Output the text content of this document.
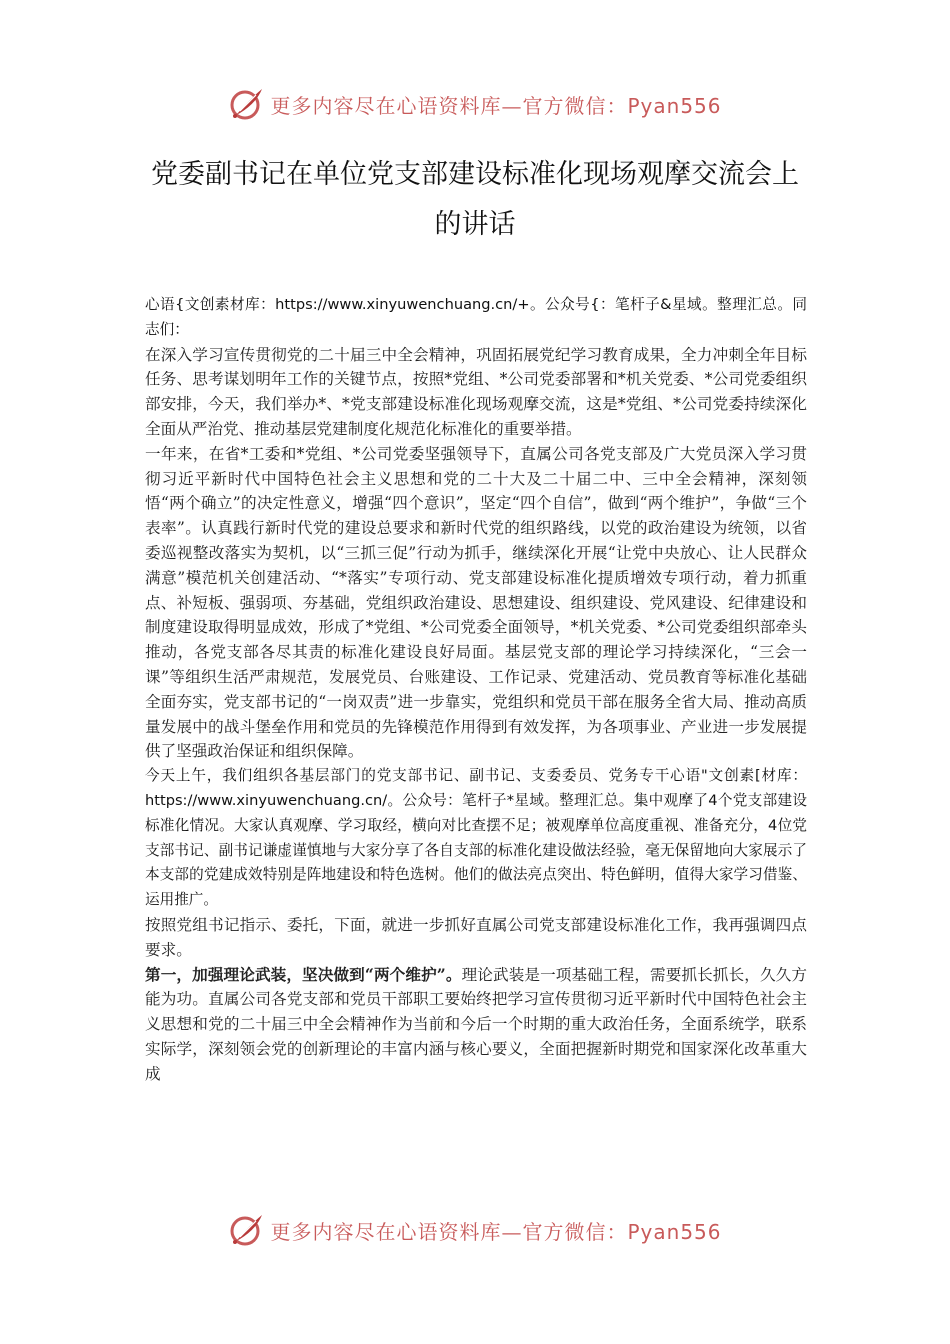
更多内容尽在心语资料库—官方微信：Pyan556
党委副书记在单位党支部建设标准化现场观摩交流会上的讲话

心语{文创素材库：https://www.xinyuwenchuang.cn/+。公众号{：笔杆子&星域。整理汇总。同志们：

在深入学习宣传贯彻党的二十届三中全会精神，巩固拓展党纪学习教育成果，全力冲刺全年目标任务、思考谋划明年工作的关键节点，按照*党组、*公司党委部署和*机关党委、*公司党委组织部安排，今天，我们举办*、*党支部建设标准化现场观摩交流，这是*党组、*公司党委持续深化全面从严治党、推动基层党建制度化规范化标准化的重要举措。

一年来，在省*工委和*党组、*公司党委坚强领导下，直属公司各党支部及广大党员深入学习贯彻习近平新时代中国特色社会主义思想和党的二十大及二十届二中、三中全会精神，深刻领悟“两个确立”的决定性意义，增强“四个意识”，坚定“四个自信”，做到“两个维护”，争做“三个表率”。认真践行新时代党的建设总要求和新时代党的组织路线，以党的政治建设为统领，以省委巡视整改落实为契机，以“三抓三促”行动为抓手，继续深化开展“让党中央放心、让人民群众满意”模范机关创建活动、“*落实”专项行动、党支部建设标准化提质增效专项行动，着力抓重点、补短板、强弱项、夯基础，党组织政治建设、思想建设、组织建设、党风建设、纪律建设和制度建设取得明显成效，形成了*党组、*公司党委全面领导，*机关党委、*公司党委组织部牵头推动，各党支部各尽其责的标准化建设良好局面。基层党支部的理论学习持续深化，“三会一课”等组织生活严肃规范，发展党员、台账建设、工作记录、党建活动、党员教育等标准化基础全面夯实，党支部书记的“一岗双责”进一步靠实，党组织和党员干部在服务全省大局、推动高质量发展中的战斗堡垒作用和党员的先锋模范作用得到有效发挥，为各项事业、产业进一步发展提供了坚强政治保证和组织保障。

今天上午，我们组织各基层部门的党支部书记、副书记、支委委员、党务专干心语"文创素[材库：https://www.xinyuwenchuang.cn/。公众号：笔杆子*星域。整理汇总。集中观摩了4个党支部建设标准化情况。大家认真观摩、学习取经，横向对比查摆不足；被观摩单位高度重视、准备充分，4位党支部书记、副书记谦虚谨慎地与大家分享了各自支部的标准化建设做法经验，毫无保留地向大家展示了本支部的党建成效特别是阵地建设和特色选树。他们的做法亮点突出、特色鲜明，值得大家学习借鉴、运用推广。

按照党组书记指示、委托，下面，就进一步抓好直属公司党支部建设标准化工作，我再强调四点要求。

第一，加强理论武装，坚决做到“两个维护”。理论武装是一项基础工程，需要抓长抓长，久久方能为功。直属公司各党支部和党员干部职工要始终把学习宣传贯彻习近平新时代中国特色社会主义思想和党的二十届三中全会精神作为当前和今后一个时期的重大政治任务，全面系统学，联系实际学，深刻领会党的创新理论的丰富内涵与核心要义，全面把握新时期党和国家深化改革重大成

更多内容尽在心语资料库—官方微信：Pyan556
